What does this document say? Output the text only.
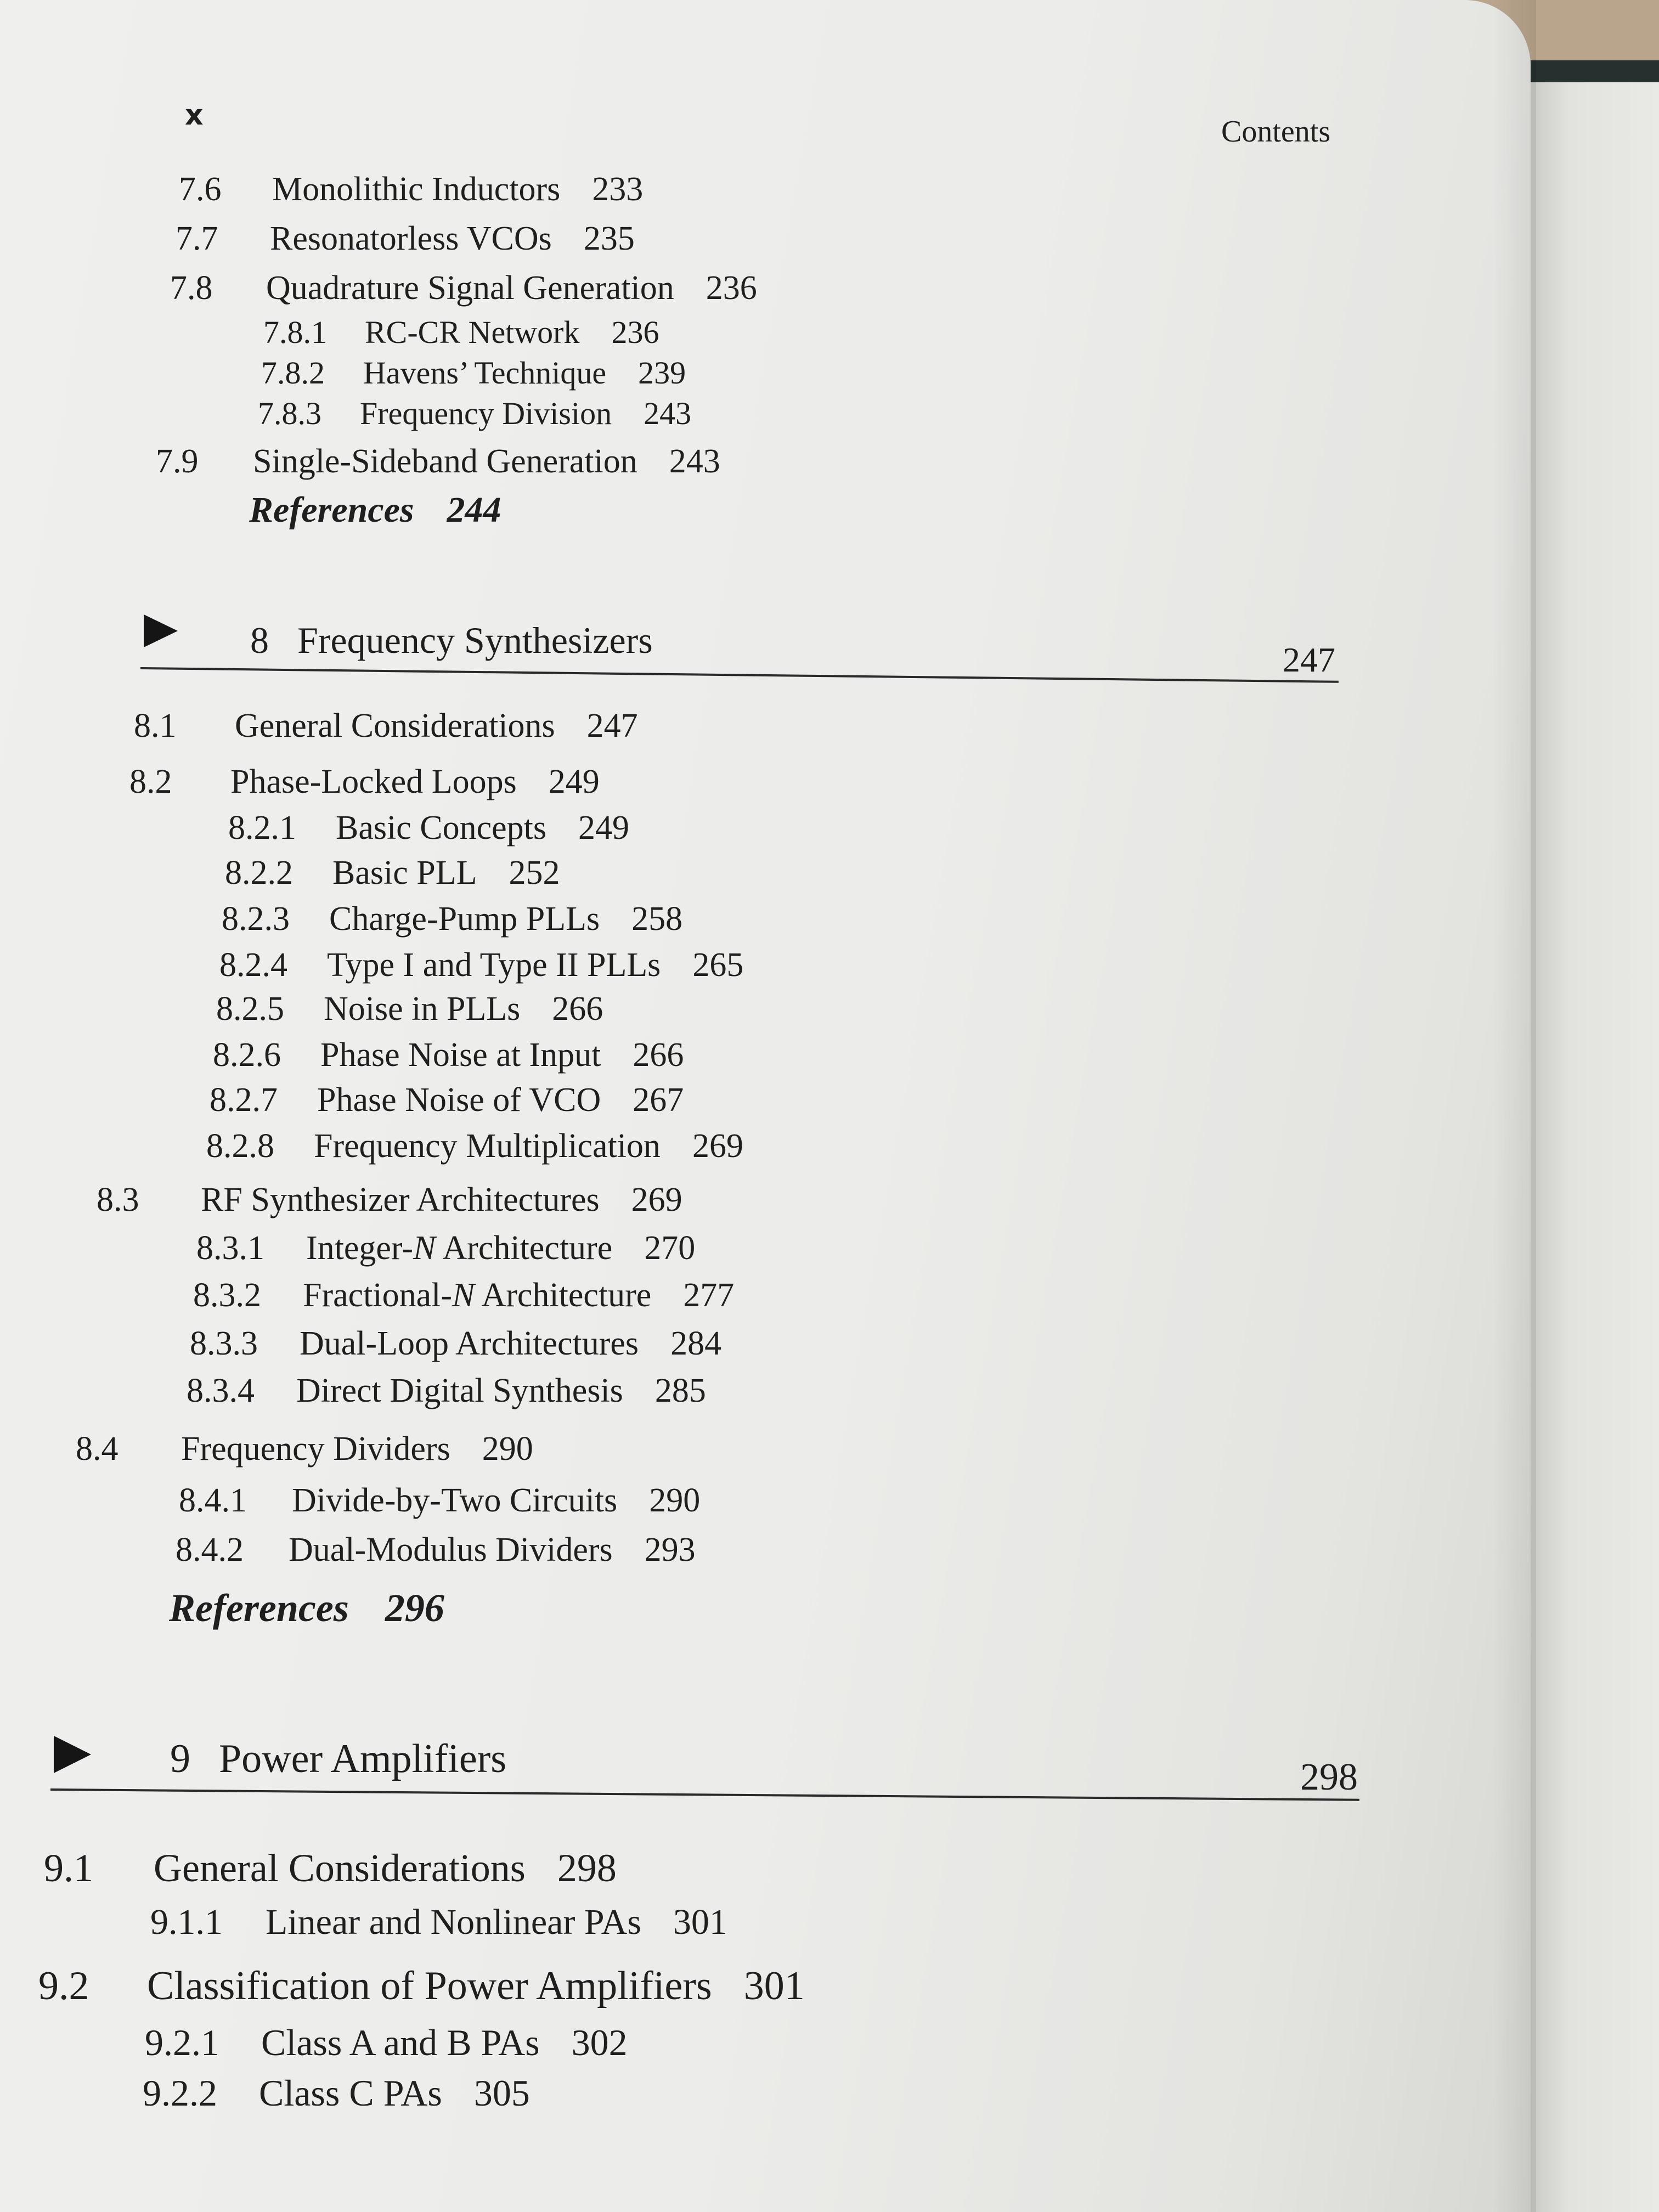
x	Contents
7.6 Monolithic Inductors 233
7.7 Resonatorless VCOs 235
7.8 Quadrature Signal Generation 236
7.8.1 RC-CR Network 236
7.8.2 Havens’ Technique 239
7.8.3 Frequency Division 243
7.9 Single-Sideband Generation 243
References 244
8 Frequency Synthesizers	247
8.1 General Considerations 247
8.2 Phase-Locked Loops 249
8.2.1 Basic Concepts 249
8.2.2 Basic PLL 252
8.2.3 Charge-Pump PLLs 258
8.2.4 Type I and Type II PLLs 265
8.2.5 Noise in PLLs 266
8.2.6 Phase Noise at Input 266
8.2.7 Phase Noise of VCO 267
8.2.8 Frequency Multiplication 269
8.3 RF Synthesizer Architectures 269
8.3.1 Integer-N Architecture 270
8.3.2 Fractional-N Architecture 277
8.3.3 Dual-Loop Architectures 284
8.3.4 Direct Digital Synthesis 285
8.4 Frequency Dividers 290
8.4.1 Divide-by-Two Circuits 290
8.4.2 Dual-Modulus Dividers 293
References 296
9 Power Amplifiers	298
9.1 General Considerations 298
9.1.1 Linear and Nonlinear PAs 301
9.2 Classification of Power Amplifiers 301
9.2.1 Class A and B PAs 302
9.2.2 Class C PAs 305
